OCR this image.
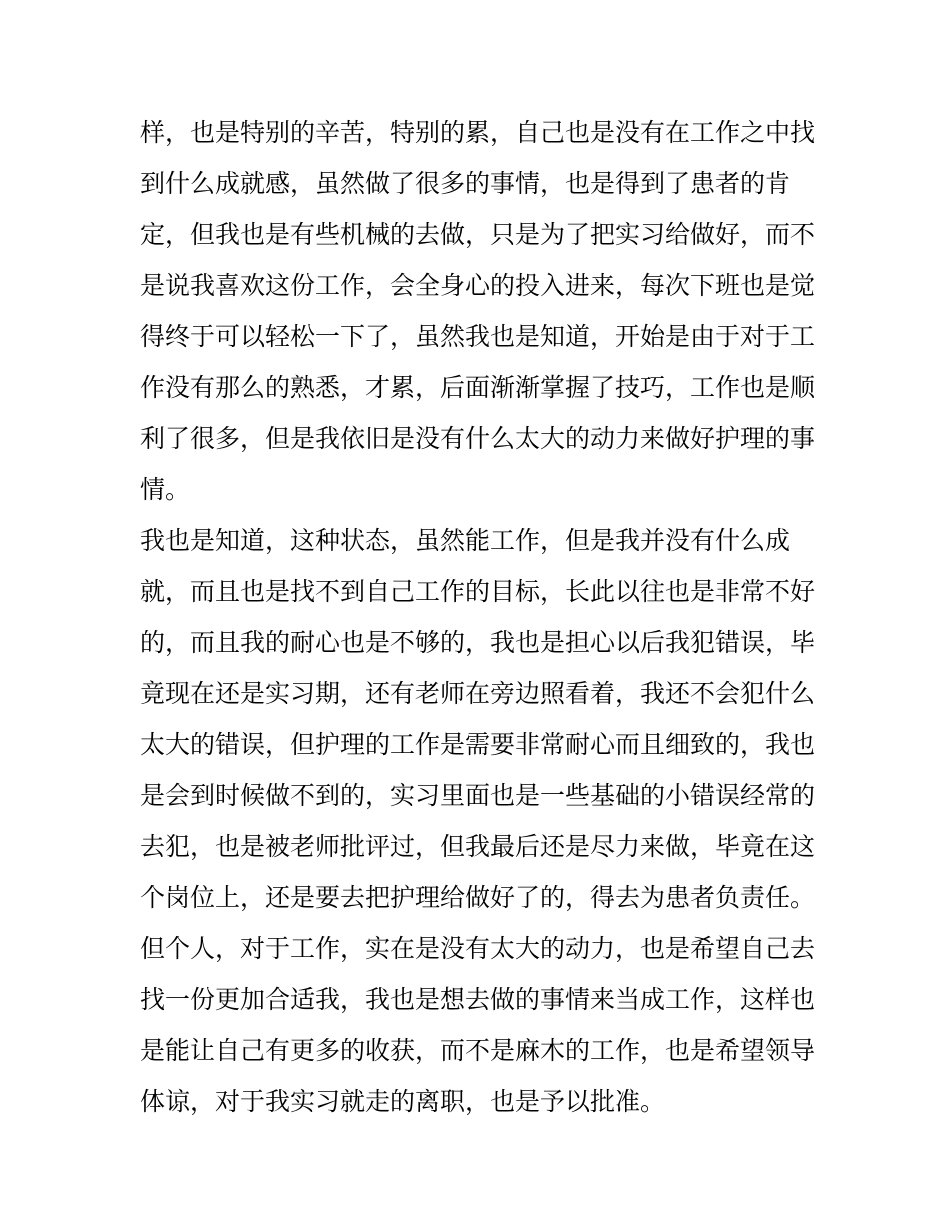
样，也是特别的辛苦，特别的累，自己也是没有在工作之中找
到什么成就感，虽然做了很多的事情，也是得到了患者的肯
定，但我也是有些机械的去做，只是为了把实习给做好，而不
是说我喜欢这份工作，会全身心的投入进来，每次下班也是觉
得终于可以轻松一下了，虽然我也是知道，开始是由于对于工
作没有那么的熟悉，才累，后面渐渐掌握了技巧，工作也是顺
利了很多，但是我依旧是没有什么太大的动力来做好护理的事
情。
我也是知道，这种状态，虽然能工作，但是我并没有什么成
就，而且也是找不到自己工作的目标，长此以往也是非常不好
的，而且我的耐心也是不够的，我也是担心以后我犯错误，毕
竟现在还是实习期，还有老师在旁边照看着，我还不会犯什么
太大的错误，但护理的工作是需要非常耐心而且细致的，我也
是会到时候做不到的，实习里面也是一些基础的小错误经常的
去犯，也是被老师批评过，但我最后还是尽力来做，毕竟在这
个岗位上，还是要去把护理给做好了的，得去为患者负责任。
但个人，对于工作，实在是没有太大的动力，也是希望自己去
找一份更加合适我，我也是想去做的事情来当成工作，这样也
是能让自己有更多的收获，而不是麻木的工作，也是希望领导
体谅，对于我实习就走的离职，也是予以批准。
